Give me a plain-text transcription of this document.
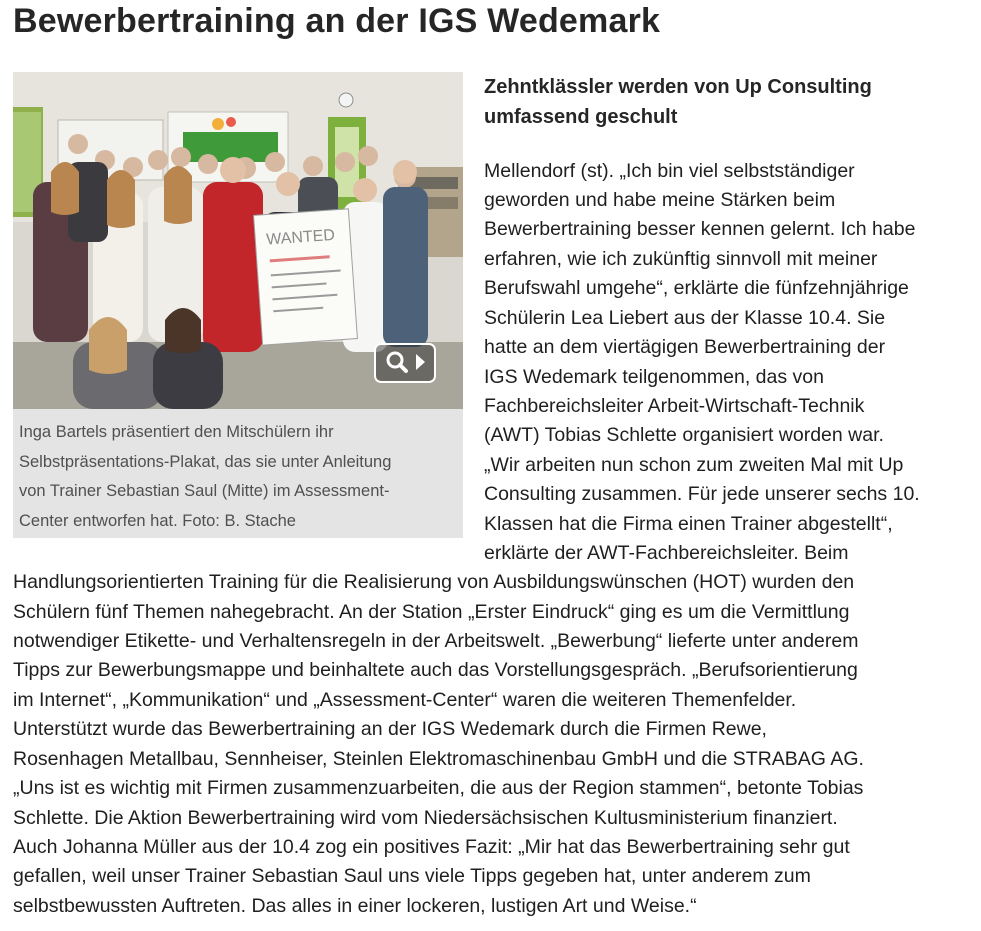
Bewerbertraining an der IGS Wedemark
WANTED
Inga Bartels präsentiert den Mitschülern ihr
Selbstpräsentations-Plakat, das sie unter Anleitung
von Trainer Sebastian Saul (Mitte) im Assessment-
Center entworfen hat. Foto: B. Stache
Zehntklässler werden von Up Consulting
umfassend geschult
Mellendorf (st). „Ich bin viel selbstständiger
geworden und habe meine Stärken beim
Bewerbertraining besser kennen gelernt. Ich habe
erfahren, wie ich zukünftig sinnvoll mit meiner
Berufswahl umgehe“, erklärte die fünfzehnjährige
Schülerin Lea Liebert aus der Klasse 10.4. Sie
hatte an dem viertägigen Bewerbertraining der
IGS Wedemark teilgenommen, das von
Fachbereichsleiter Arbeit-Wirtschaft-Technik
(AWT) Tobias Schlette organisiert worden war.
„Wir arbeiten nun schon zum zweiten Mal mit Up
Consulting zusammen. Für jede unserer sechs 10.
Klassen hat die Firma einen Trainer abgestellt“,
erklärte der AWT-Fachbereichsleiter. Beim
Handlungsorientierten Training für die Realisierung von Ausbildungswünschen (HOT) wurden den
Schülern fünf Themen nahegebracht. An der Station „Erster Eindruck“ ging es um die Vermittlung
notwendiger Etikette- und Verhaltensregeln in der Arbeitswelt. „Bewerbung“ lieferte unter anderem
Tipps zur Bewerbungsmappe und beinhaltete auch das Vorstellungsgespräch. „Berufsorientierung
im Internet“, „Kommunikation“ und „Assessment-Center“ waren die weiteren Themenfelder.
Unterstützt wurde das Bewerbertraining an der IGS Wedemark durch die Firmen Rewe,
Rosenhagen Metallbau, Sennheiser, Steinlen Elektromaschinenbau GmbH und die STRABAG AG.
„Uns ist es wichtig mit Firmen zusammenzuarbeiten, die aus der Region stammen“, betonte Tobias
Schlette. Die Aktion Bewerbertraining wird vom Niedersächsischen Kultusministerium finanziert.
Auch Johanna Müller aus der 10.4 zog ein positives Fazit: „Mir hat das Bewerbertraining sehr gut
gefallen, weil unser Trainer Sebastian Saul uns viele Tipps gegeben hat, unter anderem zum
selbstbewussten Auftreten. Das alles in einer lockeren, lustigen Art und Weise.“
